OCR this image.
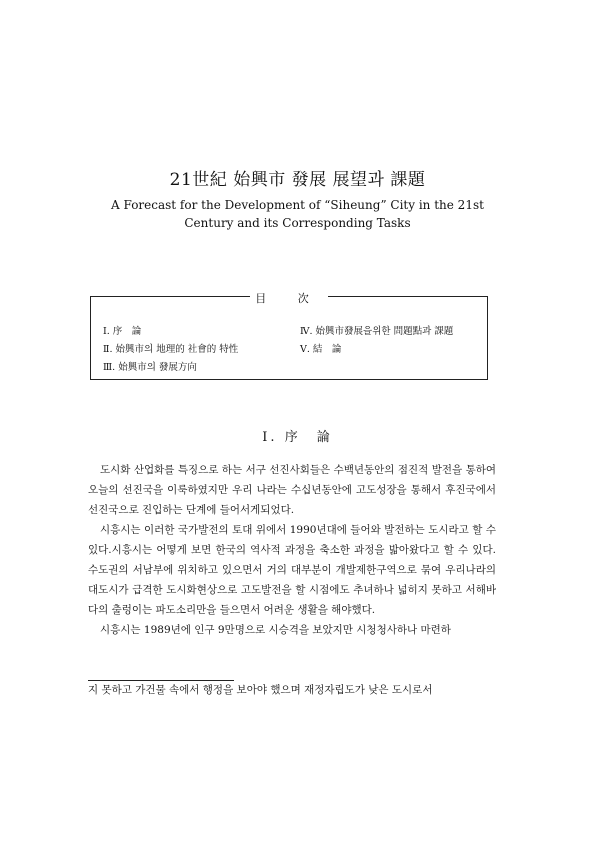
21世紀 始興市 發展 展望과 課題
A Forecast for the Development of “Siheung” City in the 21st
Century and its Corresponding Tasks
目 次
Ⅰ. 序　論
Ⅱ. 始興市의 地理的 社會的 特性
Ⅲ. 始興市의 發展方向
Ⅳ. 始興市發展을위한 問題點과 課題
Ⅴ. 結　論
Ⅰ. 序　論

도시화 산업화를 특징으로 하는 서구 선진사회들은 수백년동안의 점진적 발전을 통하여 오늘의 선진국을 이룩하였지만 우리 나라는 수십년동안에 고도성장을 통해서 후진국에서 선진국으로 진입하는 단계에 들어서게되었다.

시흥시는 이러한 국가발전의 토대 위에서 1990년대에 들어와 발전하는 도시라고 할 수 있다.시흥시는 어떻게 보면 한국의 역사적 과정을 축소한 과정을 밟아왔다고 할 수 있다.수도권의 서남부에 위치하고 있으면서 거의 대부분이 개발제한구역으로 묶여 우리나라의 대도시가 급격한 도시화현상으로 고도발전을 할 시점에도 추녀하나 넓히지 못하고 서해바다의 출렁이는 파도소리만을 들으면서 어려운 생활을 해야했다.

시흥시는 1989년에 인구 9만명으로 시승격을 보았지만 시청청사하나 마련하

지 못하고 가건물 속에서 행정을 보아야 했으며 재정자립도가 낮은 도시로서
